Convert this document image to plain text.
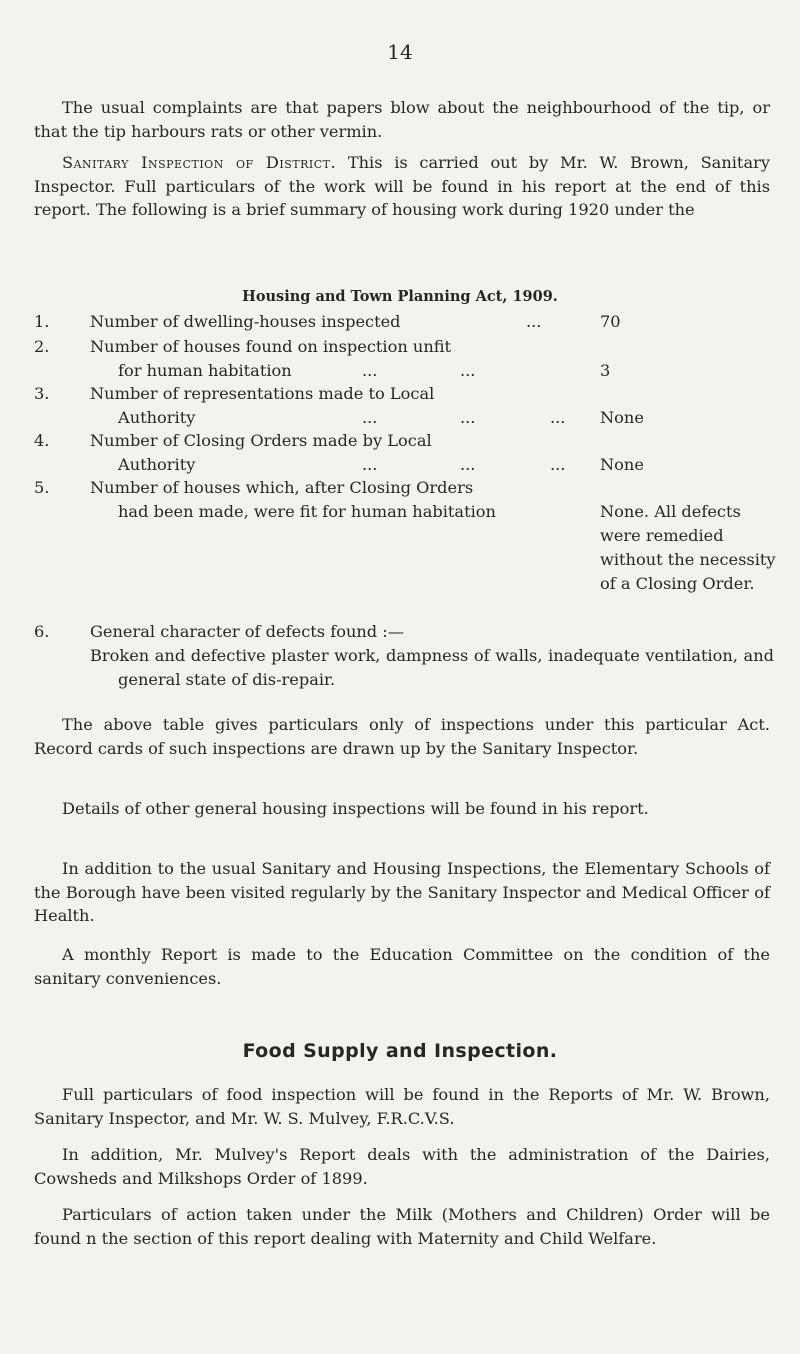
14
The usual complaints are that papers blow about the neighbourhood of the tip, or that the tip harbours rats or other vermin.
Sanitary Inspection of District. This is carried out by Mr. W. Brown, Sanitary Inspector. Full particulars of the work will be found in his report at the end of this report. The following is a brief summary of housing work during 1920 under the
Housing and Town Planning Act, 1909.
1.	Number of dwelling-houses inspected	...	70
2.	Number of houses found on inspection unfit
for human habitation	...	...	3
3.	Number of representations made to Local
Authority	...	...	... None
4.	Number of Closing Orders made by Local
Authority	...	...	... None
5.	Number of houses which, after Closing Orders
had been made, were fit for human habitation	None. All defects were remedied without the necessity of a Closing Order.
6.	General character of defects found :—
Broken and defective plaster work, dampness of walls, inadequate ventilation, and general state of dis-repair.
The above table gives particulars only of inspections under this particular Act. Record cards of such inspections are drawn up by the Sanitary Inspector.
Details of other general housing inspections will be found in his report.
In addition to the usual Sanitary and Housing Inspections, the Elementary Schools of the Borough have been visited regularly by the Sanitary Inspector and Medical Officer of Health.
A monthly Report is made to the Education Committee on the condition of the sanitary conveniences.
Food Supply and Inspection.
Full particulars of food inspection will be found in the Reports of Mr. W. Brown, Sanitary Inspector, and Mr. W. S. Mulvey, F.R.C.V.S.
In addition, Mr. Mulvey's Report deals with the administration of the Dairies, Cowsheds and Milkshops Order of 1899.
Particulars of action taken under the Milk (Mothers and Children) Order will be found n the section of this report dealing with Maternity and Child Welfare.
